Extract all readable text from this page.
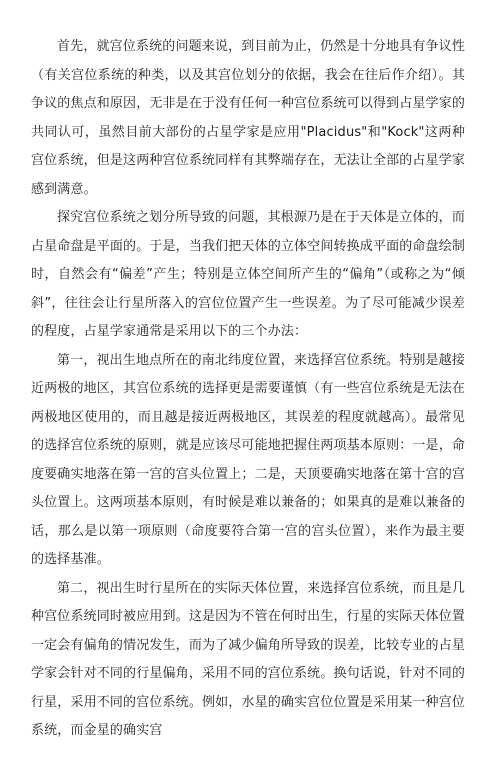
首先，就宫位系统的问题来说，到目前为止，仍然是十分地具有争议性（有关宫位系统的种类，以及其宫位划分的依据，我会在往后作介绍）。其争议的焦点和原因，无非是在于没有任何一种宫位系统可以得到占星学家的共同认可，虽然目前大部份的占星学家是应用"Placidus"和"Kock"这两种宫位系统，但是这两种宫位系统同样有其弊端存在，无法让全部的占星学家感到满意。

探究宫位系统之划分所导致的问题，其根源乃是在于天体是立体的，而占星命盘是平面的。于是，当我们把天体的立体空间转换成平面的命盘绘制时，自然会有“偏差”产生；特别是立体空间所产生的“偏角”（或称之为“倾斜”，往往会让行星所落入的宫位位置产生一些误差。为了尽可能减少误差的程度，占星学家通常是采用以下的三个办法：

第一，视出生地点所在的南北纬度位置，来选择宫位系统。特别是越接近两极的地区，其宫位系统的选择更是需要谨慎（有一些宫位系统是无法在两极地区使用的，而且越是接近两极地区，其误差的程度就越高）。最常见的选择宫位系统的原则，就是应该尽可能地把握住两项基本原则：一是，命度要确实地落在第一宫的宫头位置上；二是，天顶要确实地落在第十宫的宫头位置上。这两项基本原则，有时候是难以兼备的；如果真的是难以兼备的话，那么是以第一项原则（命度要符合第一宫的宫头位置），来作为最主要的选择基准。

第二，视出生时行星所在的实际天体位置，来选择宫位系统，而且是几种宫位系统同时被应用到。这是因为不管在何时出生，行星的实际天体位置一定会有偏角的情况发生，而为了减少偏角所导致的误差，比较专业的占星学家会针对不同的行星偏角，采用不同的宫位系统。换句话说，针对不同的行星，采用不同的宫位系统。例如，水星的确实宫位位置是采用某一种宫位系统，而金星的确实宫
